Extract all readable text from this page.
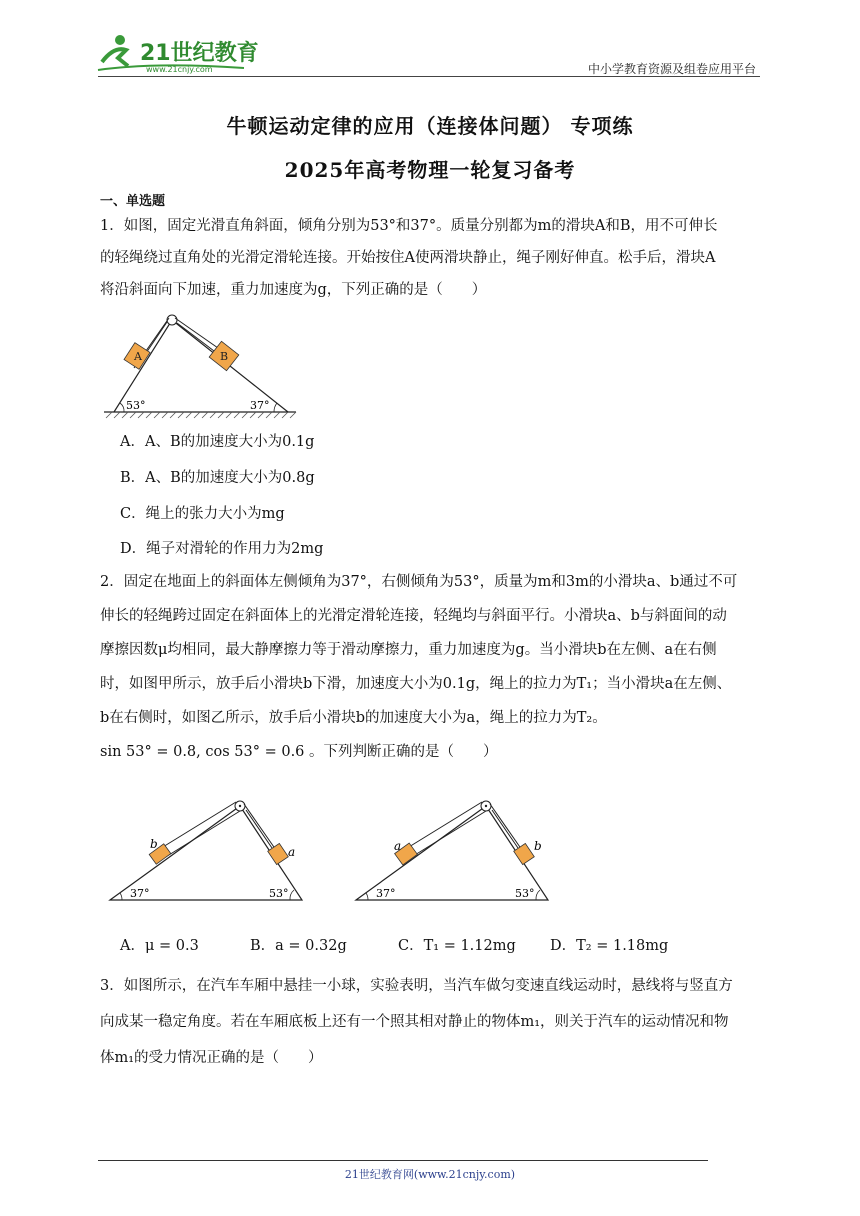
21世纪教育
www.21cnjy.com	中小学教育资源及组卷应用平台
牛顿运动定律的应用（连接体问题） 专项练
2025年高考物理一轮复习备考
一、单选题
1．如图，固定光滑直角斜面，倾角分别为53°和37°。质量分别都为m的滑块A和B，用不可伸长
的轻绳绕过直角处的光滑定滑轮连接。开始按住A使两滑块静止，绳子刚好伸直。松手后，滑块A
将沿斜面向下加速，重力加速度为g，下列正确的是（　　）
A	B
53°	37°
A．A、B的加速度大小为0.1g
B．A、B的加速度大小为0.8g
C．绳上的张力大小为mg
D．绳子对滑轮的作用力为2mg
2．固定在地面上的斜面体左侧倾角为37°，右侧倾角为53°，质量为m和3m的小滑块a、b通过不可
伸长的轻绳跨过固定在斜面体上的光滑定滑轮连接，轻绳均与斜面平行。小滑块a、b与斜面间的动
摩擦因数μ均相同，最大静摩擦力等于滑动摩擦力，重力加速度为g。当小滑块b在左侧、a在右侧
时，如图甲所示，放手后小滑块b下滑，加速度大小为0.1g，绳上的拉力为T₁；当小滑块a在左侧、
b在右侧时，如图乙所示，放手后小滑块b的加速度大小为a，绳上的拉力为T₂。
sin 53° = 0.8, cos 53° = 0.6 。下列判断正确的是（　　）
b
a
37°	53°
a	b
37°	53°
A．μ = 0.3	B．a = 0.32g	C．T₁ = 1.12mg D．T₂ = 1.18mg
3．如图所示，在汽车车厢中悬挂一小球，实验表明，当汽车做匀变速直线运动时，悬线将与竖直方
向成某一稳定角度。若在车厢底板上还有一个照其相对静止的物体m₁，则关于汽车的运动情况和物
体m₁的受力情况正确的是（　　）
21世纪教育网(www.21cnjy.com)
